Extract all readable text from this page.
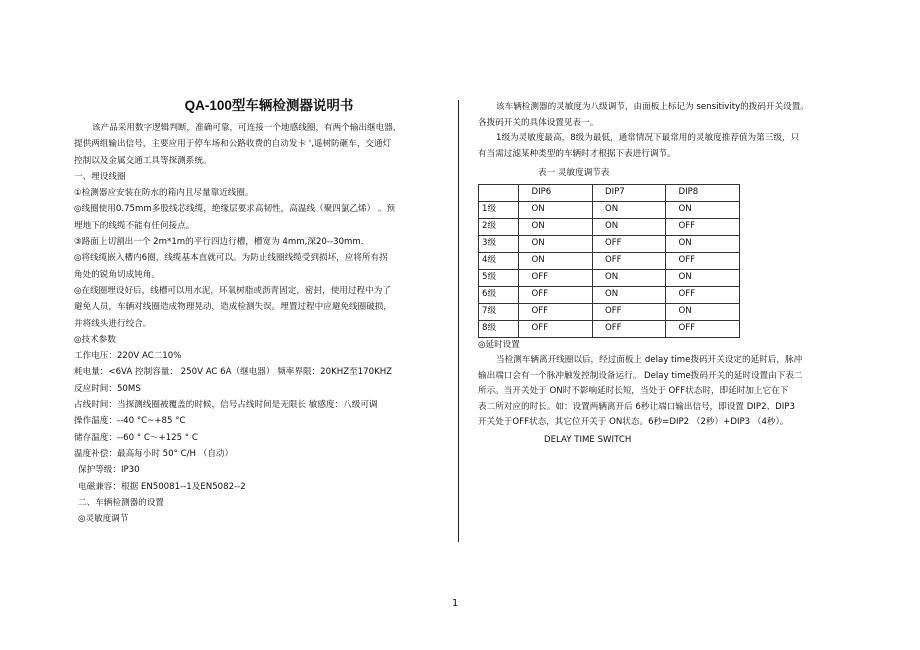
QA-100型车辆检测器说明书
该产品采用数字逻辑判断，准确可靠，可连接一个地感线圈，有两个输出继电器，
提供两组输出信号，主要应用于停车场和公路收费的自动发卡 ',遥树防砸车，交通灯
控制以及金属交通工具等探测系统。
一、埋设线圈
①检测器应安装在防水的箱内且尽量靠近线圈。
◎线圈使用0.75mm多股线芯线缆，绝缘层要求高韧性，高温线（聚四氯乙烯） 。预
埋地下的线缆不能有任何接点。
③路面上切割出一个 2m*1m的平行四边行槽，槽宽为 4mm,深20--30mm.
◎将线缆嵌入槽内6圈，线缆基本直就可以。为防止线圈线缆受到损坏，应将所有拐
角处的锐角切成钝角。
◎在线圈埋设好后，线槽可以用水泥，环氧树脂或沥青固定，密封，使用过程中为了
避免人员，车辆对线圈造成物理晃动，造成检测失误。埋置过程中应避免线圈破损，
并将线头进行绞合。
◎技术参数
工作电压：220V AC二10%
耗电量：<6VA 控制容量： 250V AC 6A（继电器） 频率界限：20KHZ至170KHZ
反应时间：50MS
占线时间：当探测线圈被覆盖的时候，信号占线时间是无限长 敏感度：八级可调
操作温度：--40 °C~+85 °C
储存温度：--60 ° C～+125 ° C
温度补偿：最高每小时 50° C/H （自动）
保护等级：IP30
电磁兼容：根据 EN50081--1及EN5082--2
二、车辆检测器的设置
◎灵敏度调节
该车辆检测器的灵敏度为八级调节，由面板上标记为 sensitivity的拨码开关设置。
各拨码开关的具体设置见表一。
1级为灵敏度最高，8级为最低，通常情况下最常用的灵敏度推荐值为第三级，只
有当需过滤某种类型的车辆时才根据下表进行调节。
表一 灵敏度调节表
	DIP6	DIP7	DIP8
1级	ON	ON	ON
2级	ON	ON	OFF
3级	ON	OFF	ON
4级	ON	OFF	OFF
5级	OFF	ON	ON
6级	OFF	ON	OFF
7级	OFF	OFF	ON
8级	OFF	OFF	OFF
◎延时设置
当检测车辆离开线圈以后，经过面板上 delay time拨码开关设定的延时后，脉冲
输出端口会有一个脉冲触发控制设备运行。 Delay time拨码开关的延时设置由下表二
所示。当开关处于 ON时不影响延时长短，当处于 OFF状态时，即延时加上它在下
表二所对应的时长。如：设置两辆离开后 6秒让端口输出信号，即设置 DIP2、DIP3
开关处于OFF状态，其它位开关于 ON状态。6秒=DIP2 （2秒）+DIP3 （4秒）。
DELAY TIME SWITCH
1
